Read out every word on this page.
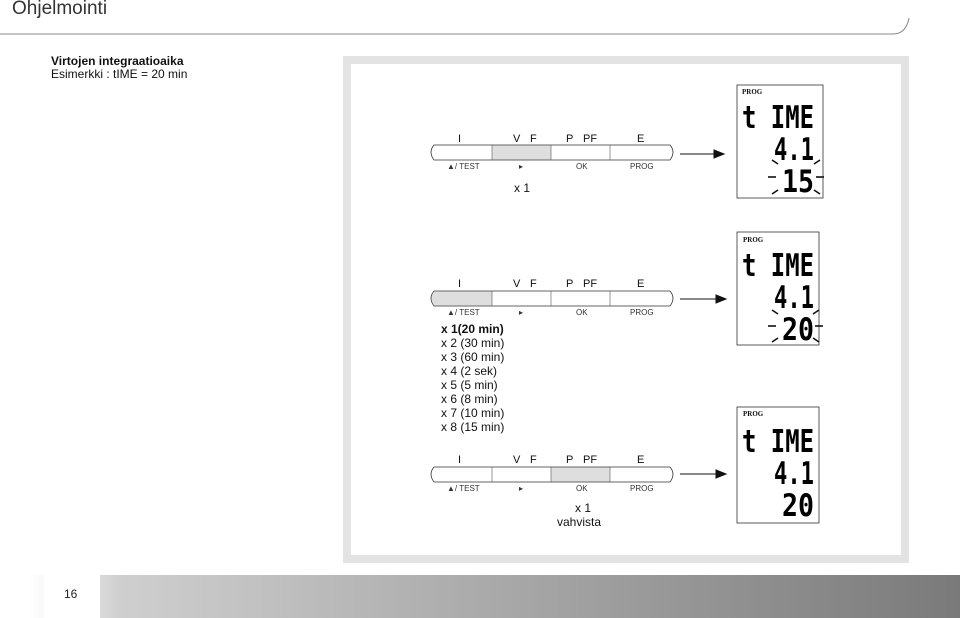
Ohjelmointi
Virtojen integraatioaika
Esimerkki : tIME = 20 min
I	V F	P PF	E
▲/ TEST	▸	OK	PROG
x 1
I	V F	P PF	E
▲/ TEST	▸	OK	PROG
x 1(20 min)
x 2 (30 min)
x 3 (60 min)
x 4 (2 sek)
x 5 (5 min)
x 6 (8 min)
x 7 (10 min)
x 8 (15 min)
I	V F	P PF	E
▲/ TEST	▸	OK	PROG
x 1
vahvista
PROG
PROG
PROG
t IME
4.1
15
t IME
4.1
20
t IME
4.1
20
16
